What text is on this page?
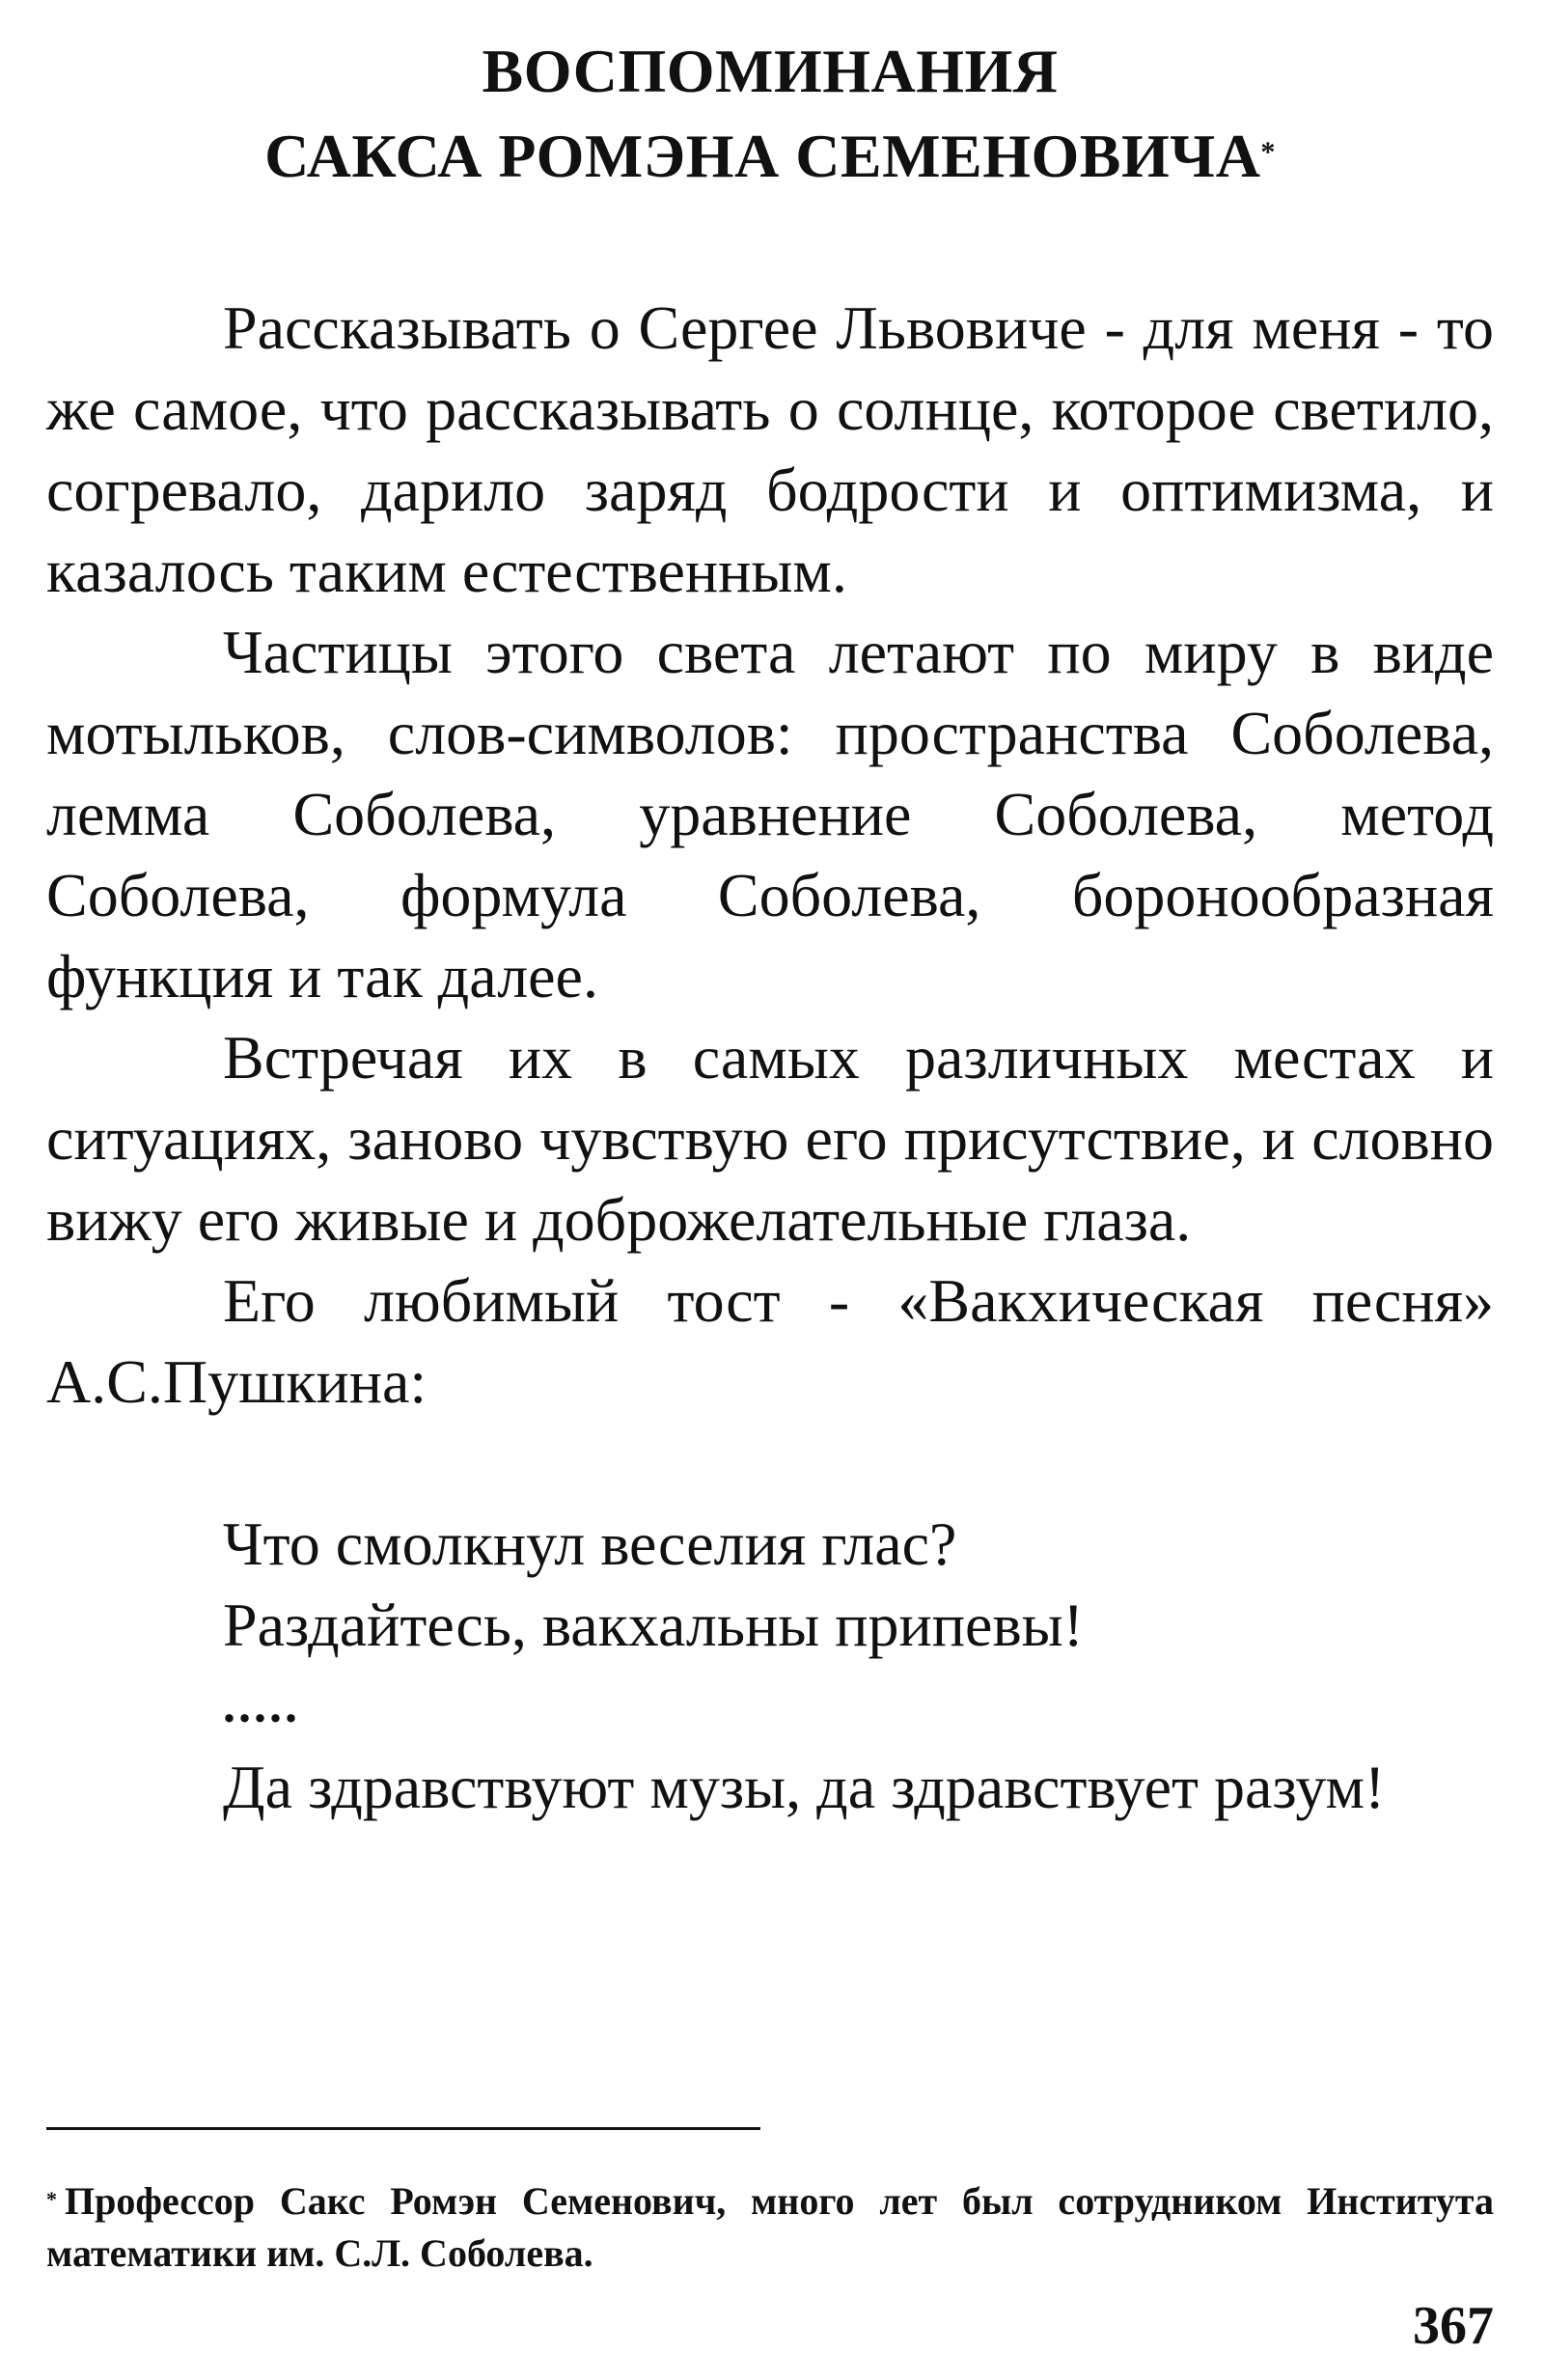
ВОСПОМИНАНИЯ
САКСА РОМЭНА СЕМЕНОВИЧА*

Рассказывать о Сергее Львовиче - для меня - то же самое, что рассказывать о солнце, которое светило, согревало, дарило заряд бодрости и оптимизма, и казалось таким естественным.

Частицы этого света летают по миру в виде мотыльков, слов-символов: пространства Соболева, лемма Соболева, уравнение Соболева, метод Соболева, формула Соболева, боронообразная функция и так далее.

Встречая их в самых различных местах и ситуациях, заново чувствую его присутствие, и словно вижу его живые и доброжелательные глаза.

Его любимый тост - «Вакхическая песня» А.С.Пушкина:

Что смолкнул веселия глас?

Раздайтесь, вакхальны припевы!

.....

Да здравствуют музы, да здравствует разум!

* Профессор Сакс Ромэн Семенович, много лет был сотрудником Института математики им. С.Л. Соболева.

367
